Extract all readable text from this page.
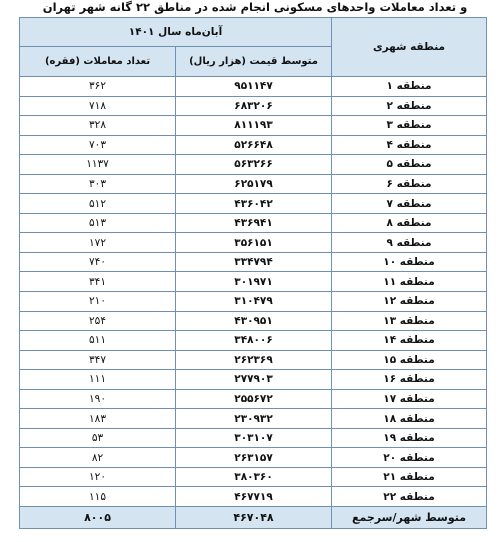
و تعداد معاملات واحدهای مسکونی انجام شده در مناطق ۲۲ گانه شهر تهران
منطقه شهری	آبان‌ماه سال ۱۴۰۱	
	متوسط قیمت (هزار ریال)	تعداد معاملات (فقره)
منطقه ۱	۹۵۱۱۴۷	۳۶۲
منطقه ۲	۶۸۳۲۰۶	۷۱۸
منطقه ۳	۸۱۱۱۹۳	۳۲۸
منطقه ۴	۵۲۶۶۴۸	۷۰۳
منطقه ۵	۵۶۳۲۶۶	۱۱۳۷
منطقه ۶	۶۲۵۱۷۹	۳۰۳
منطقه ۷	۴۳۶۰۴۲	۵۱۲
منطقه ۸	۴۳۶۹۴۱	۵۱۳
منطقه ۹	۳۵۶۱۵۱	۱۷۲
منطقه ۱۰	۳۳۴۷۹۴	۷۴۰
منطقه ۱۱	۳۰۱۹۷۱	۳۴۱
منطقه ۱۲	۳۱۰۴۷۹	۲۱۰
منطقه ۱۳	۴۳۰۹۵۱	۲۵۴
منطقه ۱۴	۳۴۸۰۰۶	۵۱۱
منطقه ۱۵	۲۶۲۳۶۹	۳۴۷
منطقه ۱۶	۲۷۷۹۰۳	۱۱۱
منطقه ۱۷	۲۵۵۶۷۲	۱۹۰
منطقه ۱۸	۲۳۰۹۳۲	۱۸۳
منطقه ۱۹	۳۰۳۱۰۷	۵۳
منطقه ۲۰	۲۶۳۱۵۷	۸۲
منطقه ۲۱	۳۸۰۳۶۰	۱۲۰
منطقه ۲۲	۴۶۷۷۱۹	۱۱۵
متوسط شهر/سرجمع	۴۶۷۰۴۸	۸۰۰۵
